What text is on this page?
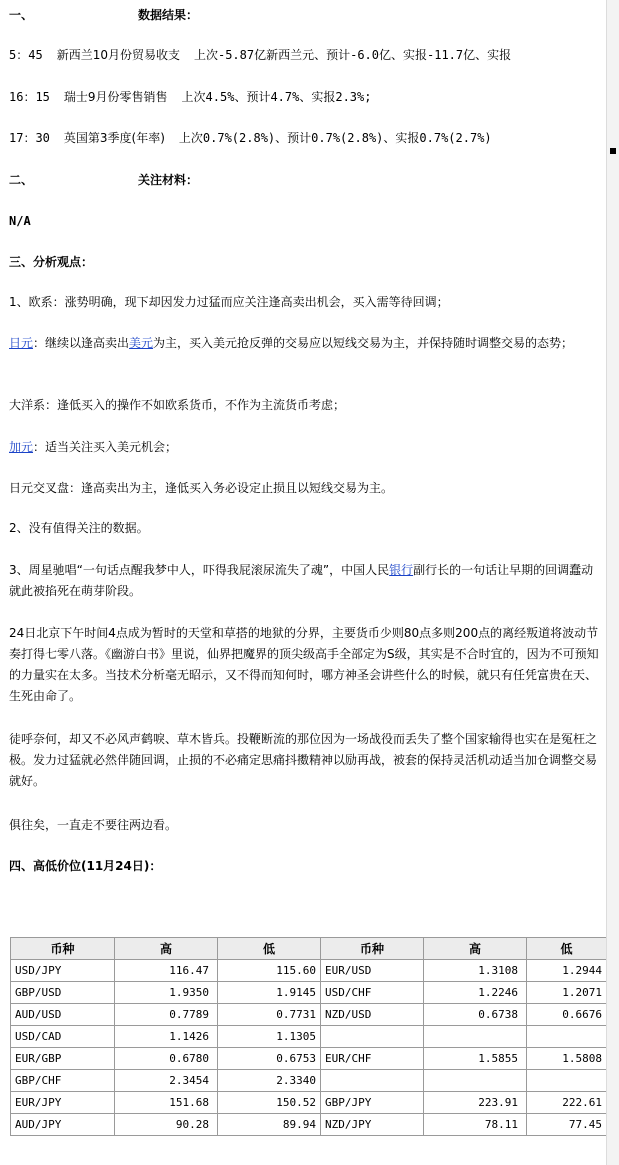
一、	数据结果：
5：45 新西兰10月份贸易收支 上次-5.87亿新西兰元、预计-6.0亿、实报-11.7亿、实报
16：15 瑞士9月份零售销售 上次4.5%、预计4.7%、实报2.3%;
17：30 英国第3季度(年率) 上次0.7%(2.8%)、预计0.7%(2.8%)、实报0.7%(2.7%)
二、	关注材料：
N/A
三、分析观点：
1、欧系：涨势明确，现下却因发力过猛而应关注逢高卖出机会，买入需等待回调；
日元：继续以逢高卖出美元为主，买入美元抢反弹的交易应以短线交易为主，并保持随时调整交易的态势；
大洋系：逢低买入的操作不如欧系货币，不作为主流货币考虑；
加元：适当关注买入美元机会；
日元交叉盘：逢高卖出为主，逢低买入务必设定止损且以短线交易为主。
2、没有值得关注的数据。
3、周星驰唱“一句话点醒我梦中人，吓得我屁滚尿流失了魂”，中国人民银行副行长的一句话让早期的回调蠢动就此被掐死在萌芽阶段。
24日北京下午时间4点成为暂时的天堂和草搭的地狱的分界，主要货币少则80点多则200点的离经叛道将波动节奏打得七零八落。《幽游白书》里说，仙界把魔界的顶尖级高手全部定为S级，其实是不合时宜的，因为不可预知的力量实在太多。当技术分析毫无昭示，又不得而知何时，哪方神圣会讲些什么的时候，就只有任凭富贵在天、生死由命了。
徒呼奈何，却又不必风声鹤唳、草木皆兵。投鞭断流的那位因为一场战役而丢失了整个国家输得也实在是冤枉之极。发力过猛就必然伴随回调，止损的不必痛定思痛抖擞精神以励再战，被套的保持灵活机动适当加仓调整交易就好。
俱往矣，一直走不要往两边看。
四、高低价位(11月24日)：
币种	高	低	币种	高	低
USD/JPY	116.47	115.60	EUR/USD	1.3108	1.2944
GBP/USD	1.9350	1.9145	USD/CHF	1.2246	1.2071
AUD/USD	0.7789	0.7731	NZD/USD	0.6738	0.6676
USD/CAD	1.1426	1.1305			
EUR/GBP	0.6780	0.6753	EUR/CHF	1.5855	1.5808
GBP/CHF	2.3454	2.3340			
EUR/JPY	151.68	150.52	GBP/JPY	223.91	222.61
AUD/JPY	90.28	89.94	NZD/JPY	78.11	77.45
